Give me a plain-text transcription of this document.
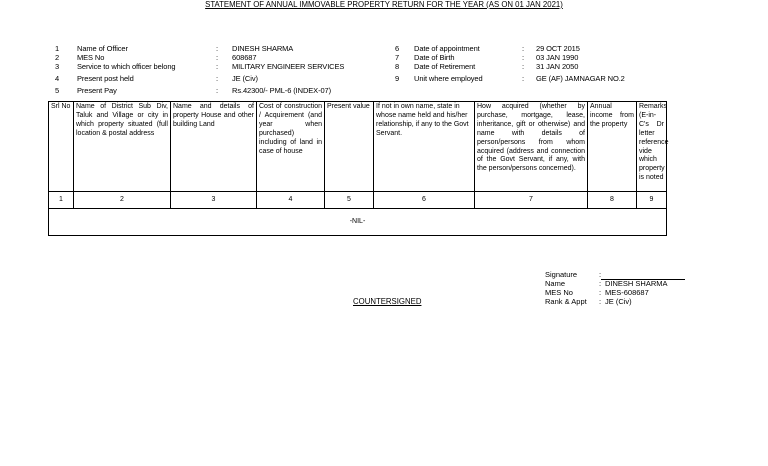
STATEMENT OF ANNUAL IMMOVABLE PROPERTY RETURN FOR THE YEAR (AS ON 01 JAN 2021)
1 Name of Officer	: DINESH SHARMA
2 MES No	: 608687
3 Service to which officer belong	: MILITARY ENGINEER SERVICES
4 Present post held	: JE (Civ)
5 Present Pay	: Rs.42300/- PML-6 (INDEX-07)
6 Date of appointment	: 29 OCT 2015
7 Date of Birth	: 03 JAN 1990
8 Date of Retirement	: 31 JAN 2050
9 Unit where employed	: GE (AF) JAMNAGAR NO.2
Srl No	Name of District Sub Div, Taluk and Village or city in which property situated (full location & postal address	Name and details of property House and other building Land	Cost of construction / Acquirement (and year when purchased) including of land in case of house	Present value	If not in own name, state in whose name held and his/her relationship, if any to the Govt Servant.	How acquired (whether by purchase, mortgage, lease, inheritance, gift or otherwise) and name with details of person/persons from whom acquired (address and connection of the Govt Servant, if any, with the person/persons concerned).	Annual income from the property	Remarks (E-in-C's Dr letter reference vide which property is noted
1	2	3	4	5	6	7	8	9
-NIL-								
Signature	:
Name	: DINESH SHARMA
MES No	: MES-608687
Rank & Appt : JE (Civ)
COUNTERSIGNED
